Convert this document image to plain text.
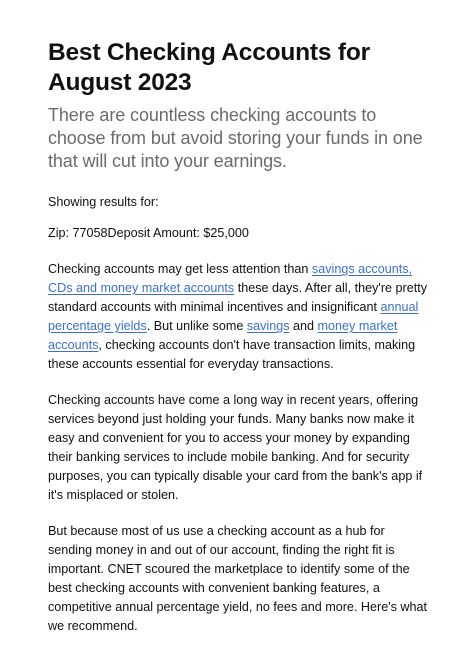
Best Checking Accounts for August 2023

There are countless checking accounts to choose from but avoid storing your funds in one that will cut into your earnings.

Showing results for:

Zip: 77058Deposit Amount: $25,000

Checking accounts may get less attention than savings accounts, CDs and money market accounts these days. After all, they're pretty standard accounts with minimal incentives and insignificant annual percentage yields. But unlike some savings and money market accounts, checking accounts don't have transaction limits, making these accounts essential for everyday transactions.

Checking accounts have come a long way in recent years, offering services beyond just holding your funds. Many banks now make it easy and convenient for you to access your money by expanding their banking services to include mobile banking. And for security purposes, you can typically disable your card from the bank's app if it's misplaced or stolen.

But because most of us use a checking account as a hub for sending money in and out of our account, finding the right fit is important. CNET scoured the marketplace to identify some of the best checking accounts with convenient banking features, a competitive annual percentage yield, no fees and more. Here's what we recommend.
